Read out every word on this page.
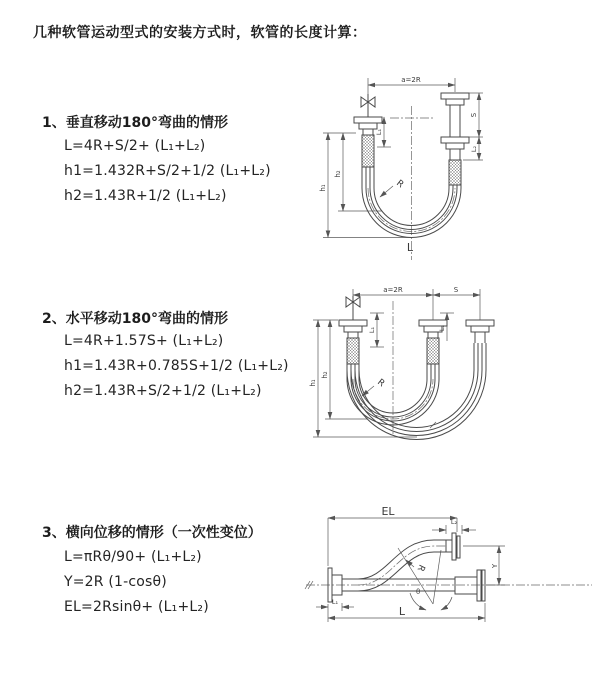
几种软管运动型式的安装方式时，软管的长度计算：
1、垂直移动180°弯曲的情形
L=4R+S/2+ (L₁+L₂)
h1=1.432R+S/2+1/2 (L₁+L₂)
h2=1.43R+1/2 (L₁+L₂)
2、水平移动180°弯曲的情形
L=4R+1.57S+ (L₁+L₂)
h1=1.43R+0.785S+1/2 (L₁+L₂)
h2=1.43R+S/2+1/2 (L₁+L₂)
3、横向位移的情形（一次性变位）
L=πRθ/90+ (L₁+L₂)
Y=2R (1-cosθ)
EL=2Rsinθ+ (L₁+L₂)
a=2R
L₁
S
L₂
h₁
h₂
R
L
a=2R	S
L₁	L₂
h₁
h₂
R
EL
L₂
Y
L
L₁
R
θ
